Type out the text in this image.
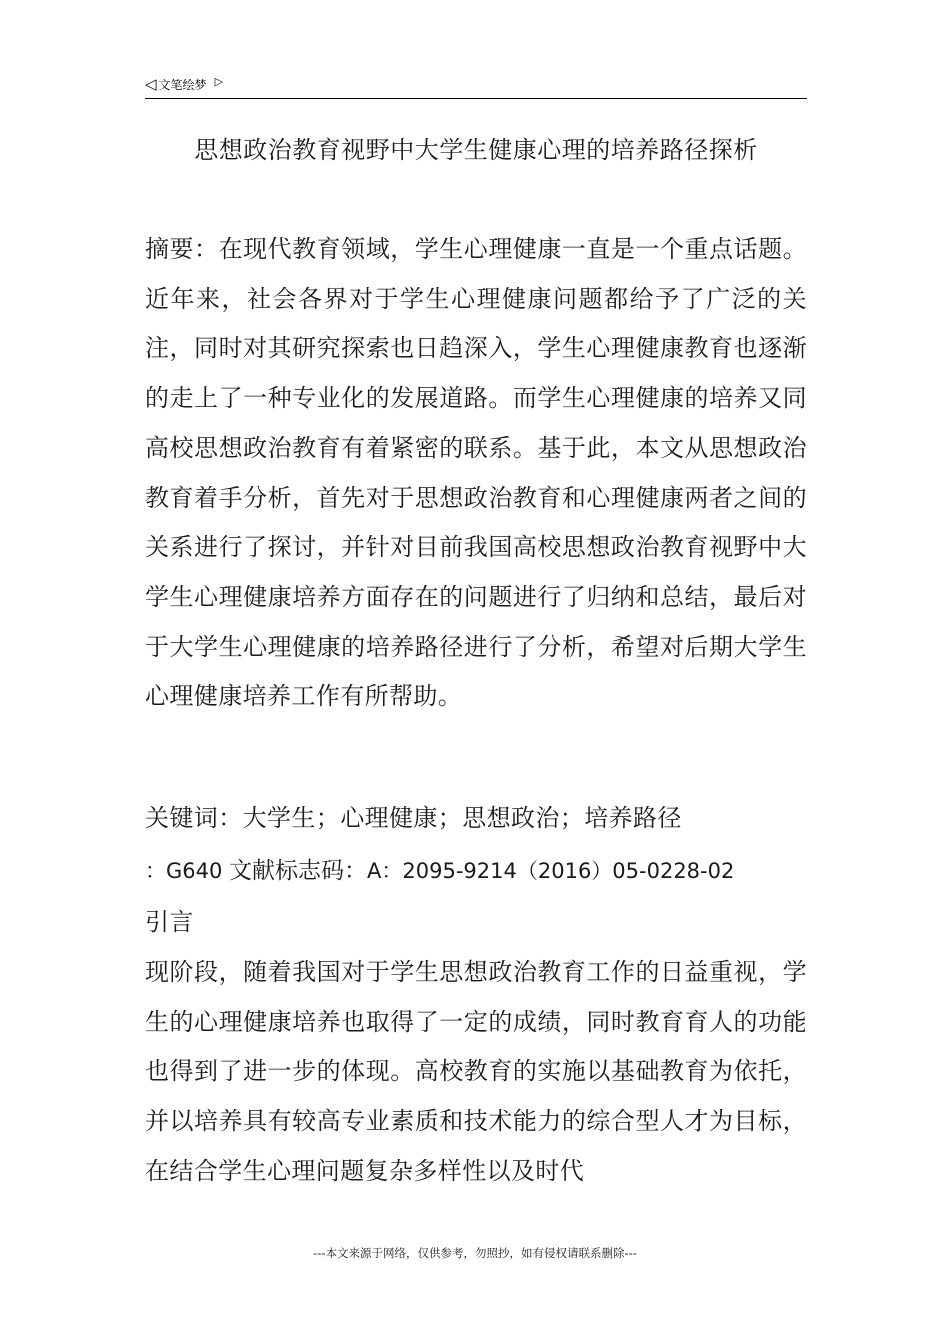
◁ 文笔绘梦 ▷
思想政治教育视野中大学生健康心理的培养路径探析

摘要：在现代教育领域，学生心理健康一直是一个重点话题。近年来，社会各界对于学生心理健康问题都给予了广泛的关注，同时对其研究探索也日趋深入，学生心理健康教育也逐渐的走上了一种专业化的发展道路。而学生心理健康的培养又同高校思想政治教育有着紧密的联系。基于此，本文从思想政治教育着手分析，首先对于思想政治教育和心理健康两者之间的关系进行了探讨，并针对目前我国高校思想政治教育视野中大学生心理健康培养方面存在的问题进行了归纳和总结，最后对于大学生心理健康的培养路径进行了分析，希望对后期大学生心理健康培养工作有所帮助。

关键词：大学生；心理健康；思想政治；培养路径

：G640 文献标志码：A：2095-9214（2016）05-0228-02

引言

现阶段，随着我国对于学生思想政治教育工作的日益重视，学生的心理健康培养也取得了一定的成绩，同时教育育人的功能也得到了进一步的体现。高校教育的实施以基础教育为依托，并以培养具有较高专业素质和技术能力的综合型人才为目标，在结合学生心理问题复杂多样性以及时代

---本文来源于网络，仅供参考，勿照抄，如有侵权请联系删除---
